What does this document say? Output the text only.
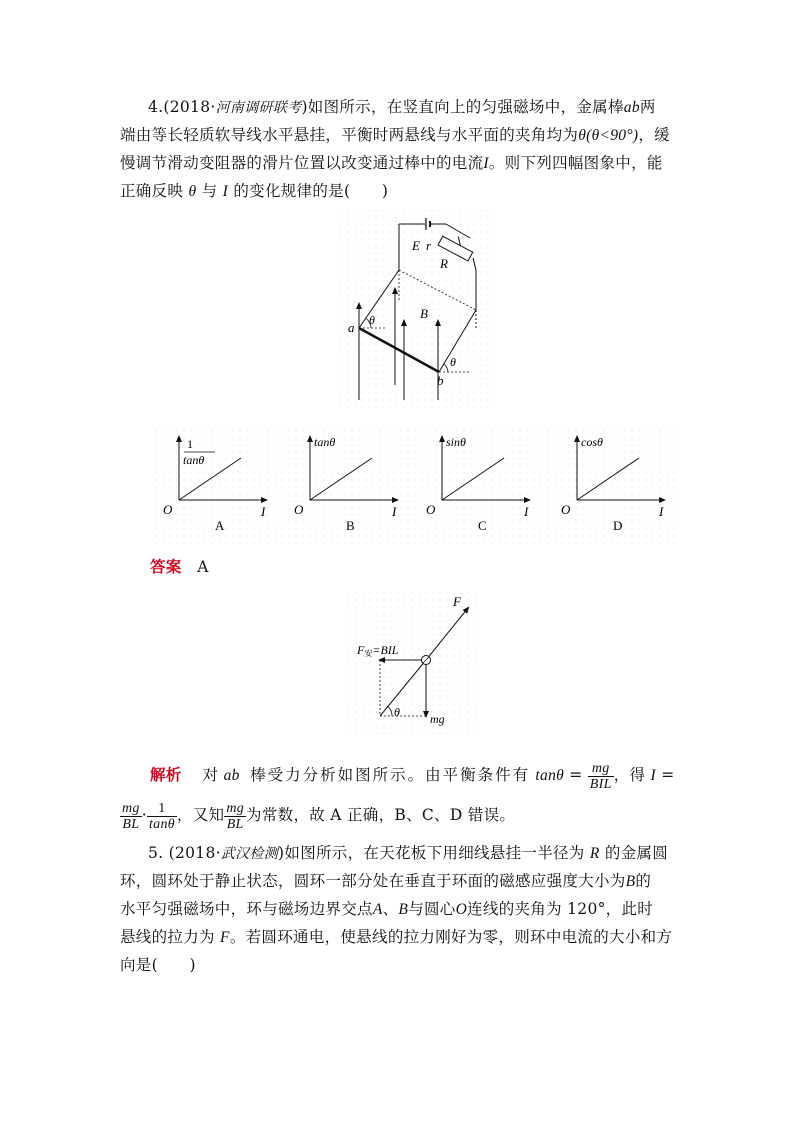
4.(2018·河南调研联考)如图所示，在竖直向上的匀强磁场中，金属棒ab两
端由等长轻质软导线水平悬挂，平衡时两悬线与水平面的夹角均为θ(θ<90°)，缓
慢调节滑动变阻器的滑片位置以改变通过棒中的电流I。则下列四幅图象中，能
正确反映 θ 与 I 的变化规律的是(　　)
E r
R
a
b
B
θ
θ
1
tanθ
O	I
A
tanθ
O	I
B
sinθ
O	I
C
cosθ
O	I
D
答案 A
F
F安=BIL
θ	mg
解析 对 ab 棒受力分析如图所示。由平衡条件有 $\tan\theta = \frac{mg}{\text{BIL}}$ ，得 I =
$\frac{mg}{BL} \cdot \frac{1}{\tan\theta}$ ，又知 $\frac{mg}{BL}$ 为常数，故 A 正确，B、C、D 错误。
5. (2018·武汉检测)如图所示，在天花板下用细线悬挂一半径为 R 的金属圆
环，圆环处于静止状态，圆环一部分处在垂直于环面的磁感应强度大小为B的
水平匀强磁场中，环与磁场边界交点A、B与圆心O连线的夹角为 120°，此时
悬线的拉力为 F。若圆环通电，使悬线的拉力刚好为零，则环中电流的大小和方
向是(　　)
